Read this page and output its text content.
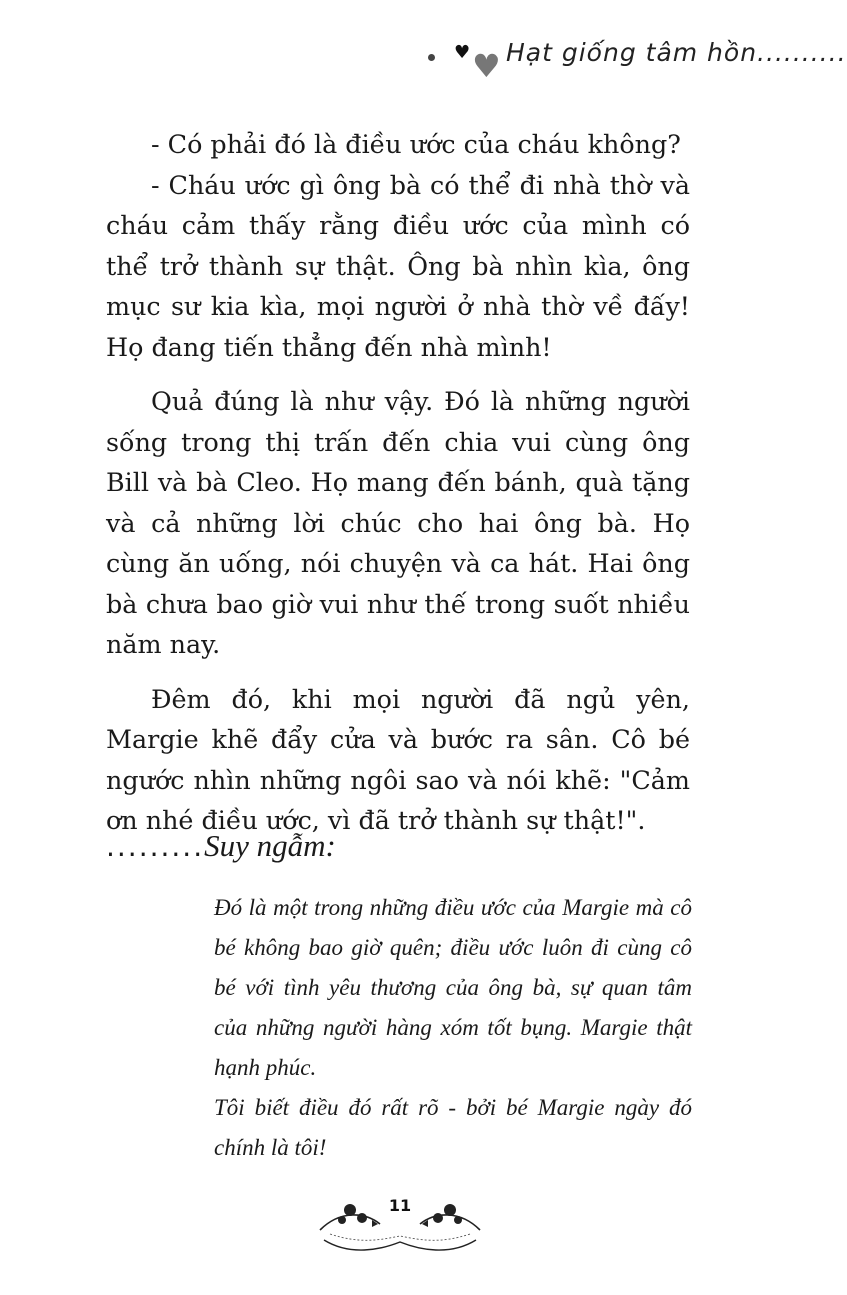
♥ ♥ Hạt giống tâm hồn..........

- Có phải đó là điều ước của cháu không?

- Cháu ước gì ông bà có thể đi nhà thờ và cháu cảm thấy rằng điều ước của mình có thể trở thành sự thật. Ông bà nhìn kìa, ông mục sư kia kìa, mọi người ở nhà thờ về đấy! Họ đang tiến thẳng đến nhà mình!

Quả đúng là như vậy. Đó là những người sống trong thị trấn đến chia vui cùng ông Bill và bà Cleo. Họ mang đến bánh, quà tặng và cả những lời chúc cho hai ông bà. Họ cùng ăn uống, nói chuyện và ca hát. Hai ông bà chưa bao giờ vui như thế trong suốt nhiều năm nay.

Đêm đó, khi mọi người đã ngủ yên, Margie khẽ đẩy cửa và bước ra sân. Cô bé ngước nhìn những ngôi sao và nói khẽ: "Cảm ơn nhé điều ước, vì đã trở thành sự thật!".

.........Suy ngẫm:

Đó là một trong những điều ước của Margie mà cô bé không bao giờ quên; điều ước luôn đi cùng cô bé với tình yêu thương của ông bà, sự quan tâm của những người hàng xóm tốt bụng. Margie thật hạnh phúc.

Tôi biết điều đó rất rõ - bởi bé Margie ngày đó chính là tôi!

11
